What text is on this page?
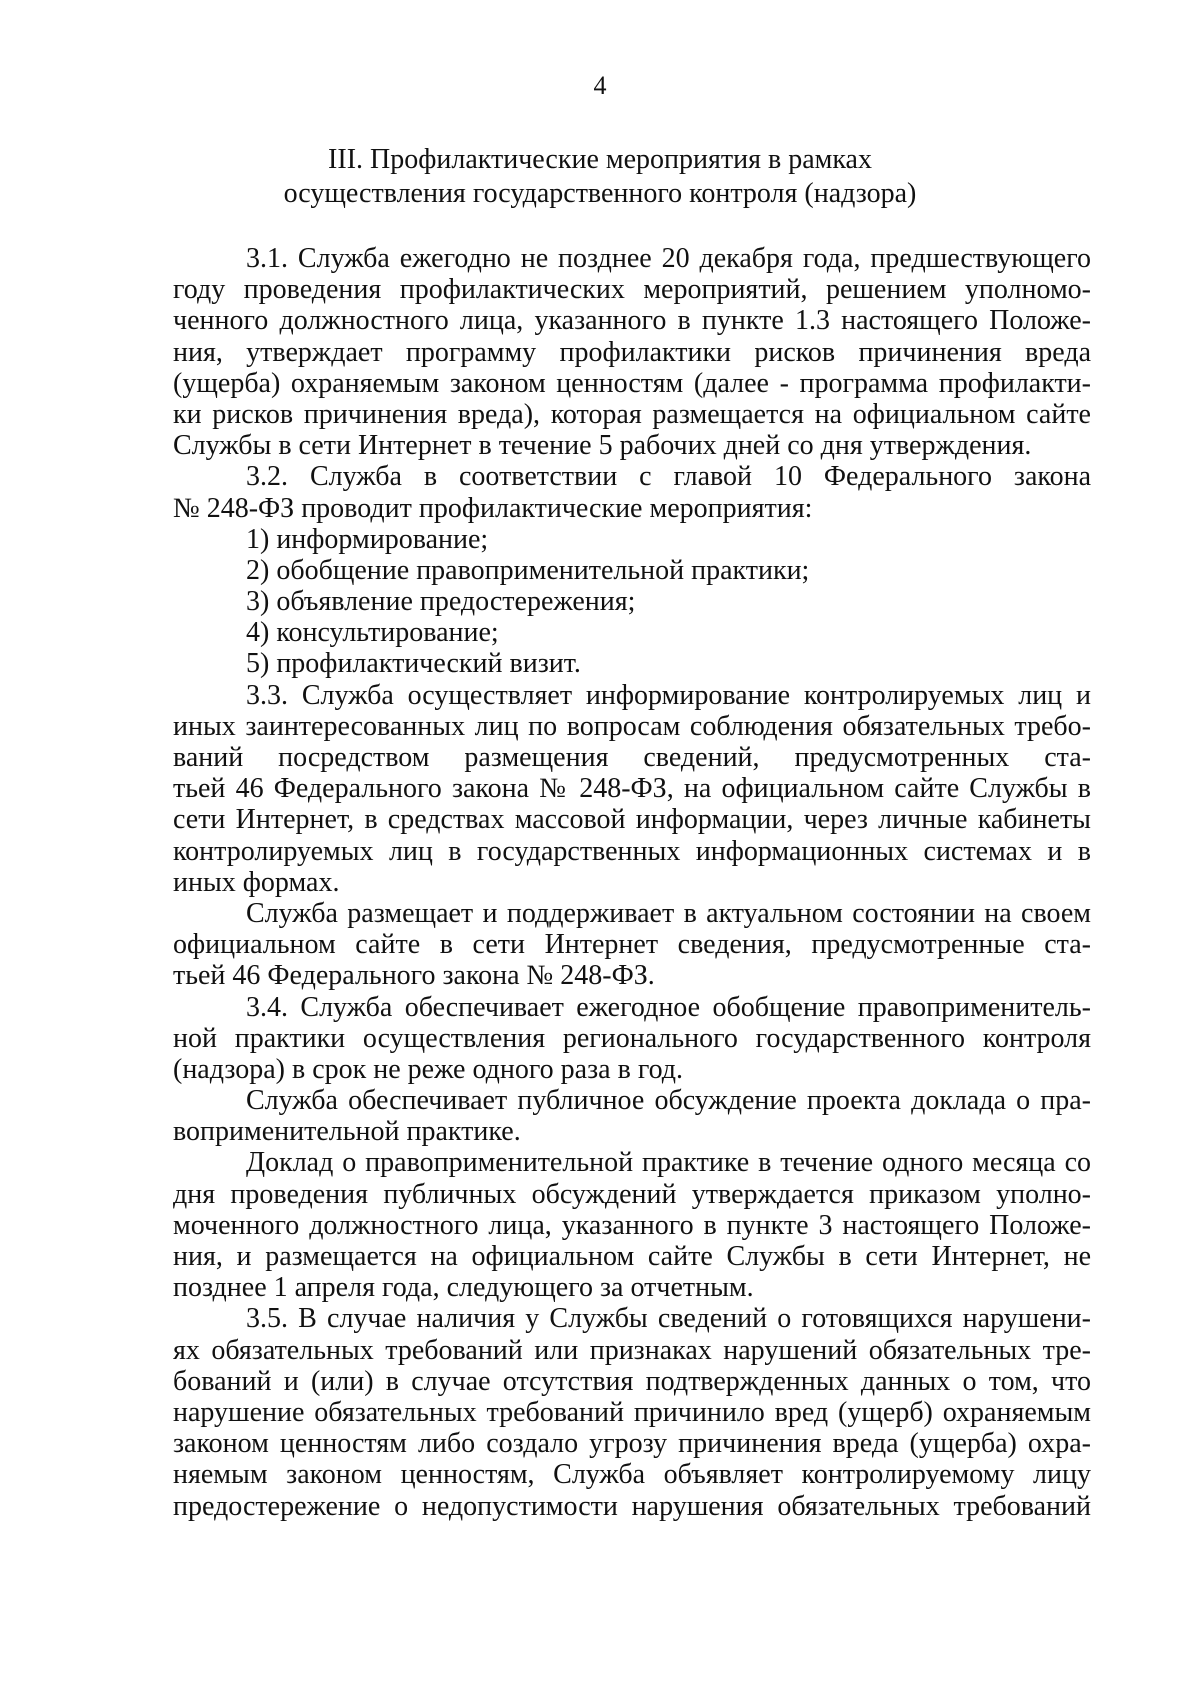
4
III. Профилактические мероприятия в рамках
осуществления государственного контроля (надзора)
3.1. Служба ежегодно не позднее 20 декабря года, предшествующего
году проведения профилактических мероприятий, решением уполномо-
ченного должностного лица, указанного в пункте 1.3 настоящего Положе-
ния, утверждает программу профилактики рисков причинения вреда
(ущерба) охраняемым законом ценностям (далее - программа профилакти-
ки рисков причинения вреда), которая размещается на официальном сайте
Службы в сети Интернет в течение 5 рабочих дней со дня утверждения.
3.2. Служба в соответствии с главой 10 Федерального закона
№ 248-ФЗ проводит профилактические мероприятия:
1) информирование;
2) обобщение правоприменительной практики;
3) объявление предостережения;
4) консультирование;
5) профилактический визит.
3.3. Служба осуществляет информирование контролируемых лиц и
иных заинтересованных лиц по вопросам соблюдения обязательных требо-
ваний посредством размещения сведений, предусмотренных ста-
тьей 46 Федерального закона № 248-ФЗ, на официальном сайте Службы в
сети Интернет, в средствах массовой информации, через личные кабинеты
контролируемых лиц в государственных информационных системах и в
иных формах.
Служба размещает и поддерживает в актуальном состоянии на своем
официальном сайте в сети Интернет сведения, предусмотренные ста-
тьей 46 Федерального закона № 248-ФЗ.
3.4. Служба обеспечивает ежегодное обобщение правоприменитель-
ной практики осуществления регионального государственного контроля
(надзора) в срок не реже одного раза в год.
Служба обеспечивает публичное обсуждение проекта доклада о пра-
воприменительной практике.
Доклад о правоприменительной практике в течение одного месяца со
дня проведения публичных обсуждений утверждается приказом уполно-
моченного должностного лица, указанного в пункте 3 настоящего Положе-
ния, и размещается на официальном сайте Службы в сети Интернет, не
позднее 1 апреля года, следующего за отчетным.
3.5. В случае наличия у Службы сведений о готовящихся нарушени-
ях обязательных требований или признаках нарушений обязательных тре-
бований и (или) в случае отсутствия подтвержденных данных о том, что
нарушение обязательных требований причинило вред (ущерб) охраняемым
законом ценностям либо создало угрозу причинения вреда (ущерба) охра-
няемым законом ценностям, Служба объявляет контролируемому лицу
предостережение о недопустимости нарушения обязательных требований
